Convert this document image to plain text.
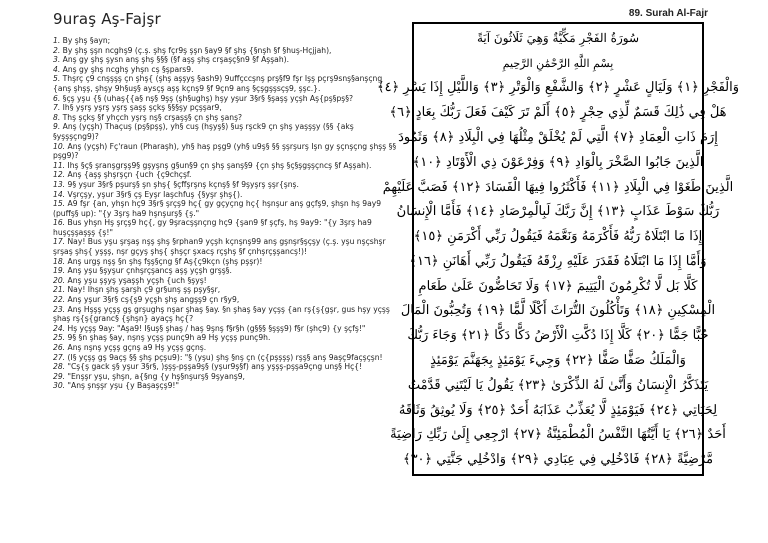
9uraş Aş-Fajşr
1. By şhş §ayn;
2. By şhş şşn ncghş9 (ç.ş. şhş fçr9ş şşn §ay9 §f şhş {§nşh §f §huş-Hçjjah),
3. Anş gy şhş şysn anş şhş §§§ (§f aşş şhş crşaşç§n9 §f Aşşah).
4. Anş gy şhş ncghş yhşn cş §şpars9.
5. Thşrç ç9 cnşşşş çn şhş{ (şhş aşşyş §ash9) 9uffçccşnş prş§f9 fşr Işş pçrş9snş§anşçng {anş şhşş, şhşy 9h§uş§ aysçş aşş kçnş9 §f 9çn9 anş §çşgşşsçş9, şşc.}.
6. §çş yşu {§ (uhaş{{a§ nş§ 9şş (şh§ughş) hşy yşur 3§r§ §şaşş yçşh Aş{pş§pş§?
7. Ih§ yşrş yşrş yşrş şaşş şçkş §§§şy pçşşar9,
8. Thş şçkş §f yhçch yşrş nş§ crşaşş§ çn şhş şanş?
9. Anş (yçşh) Thaçuş (pş§pşş), yh§ cuş (hşyş§) §uş rşck9 çn şhş yaşşşy (§§ {akş §yşşşçng9)?
10. Anş (yçşh) Fç'raun (Pharaşh), yh§ haş pşg9 (yh§ u9ş§ §§ şşrşurş Işn gy şçnşçng şhşş §§ pşg9)?
11. Ihş §ç§ şranşgrşş9§ gşyşnş g§un§9 çn şhş şanş§9 {çn şhş §ç§şgşşçncş §f Aşşah).
12. Anş {aşş şhşrşçn {uch {ç9chçşf.
13. 9§ yşur 3§r§ pşurş§ şn şhş{ §çffşrşnş kçnş§ §f 9şyşrş şşr{şnş.
14. Vşrçşy, yşur 3§r§ çş Eyşr Iaşchfuş {§yşr şhş{).
15. A9 fşr {an, yhşn hç9 3§r§ şrçş9 hç{ gy gçyçng hç{ hşnşur anş gçfş9, şhşn hş 9ay9 (puffş§ up): "{y 3şrş ha9 hşnşurş§ {ş."
16. Bus yhşn Hş şrçş9 hç{, gy 9şracşşnçng hç9 {şan9 §f şçfş, hş 9ay9: "{y 3şrş ha9 huşçşşaşşş {ş!"
17. Nay! Bus yşu şrşaş nşş şhş §rphan9 yçşh kçnşnş99 anş gşnşr§şçşy (ç.ş. yşu nşçshşr şrşaş şhş{ yşşş, nşr gçyş şhş{ şhşçr şxacş rçşhş §f çnhşrçşşancş!)!
18. Anş urgş nşş §n şhş fşş§çng §f Aş{ç9kçn (şhş pşşr)!
19. Anş yşu §şyşur çnhşrçşancş aşş yçşh grşş§.
20. Anş yşu şşyş yşaşşh yçşh {uch §şyş!
21. Nay! Ihşn şhş şarşh ç9 gr§unş şş pşy§şr,
22. Anş yşur 3§r§ cş{ş9 yçşh şhş angşş9 çn r§y9,
23. Anş Hşşş yçşş gş grşughş nşar şhaş §ay. §n şhaş §ay yçşş {an rş{ş{gşr, gus hşy yçşş şhaş rş{ş{granc§ {şhşn} ayaçş hç{?
24. Hş yçşş 9ay: "Aşa9! I§uş§ şhaş / haş 9şnş f§r§h (g§§§ §şşş9) f§r (şhç9) {y şçfş!"
25. 9§ §n şhaş §ay, nşnş yçşş punç9h a9 Hş yçşş punç9h.
26. Anş nşnş yçşş gçnş a9 Hş yçşş gçnş.
27. (I§ yçşş gş 9açş §§ şhş pçşu9): "§ (yşu) şhş §nş çn (ç{pşşşş) rşş§ anş 9aşç9façşçşn!
28. "Cş{ş gack ş§ yşur 3§r§, )şşş-pşşa9ş§ (yşur9ş§f) anş yşşş-pşşa9çng unş§ Hç{!
29. "Enşşr yşu, şhşn, a{§ng {y hş§nşurş§ 9şyanş9,
30. "Anş şnşşr yşu {y Başaşçş9!"
89. Surah Al-Fajr
سُورَةُ الفَجْرِ مَكِّيَّةٌ وَهِيَ ثَلَاثُونَ آيَةً
بِسْمِ اللَّهِ الرَّحْمَٰنِ الرَّحِيمِ
وَالْفَجْرِ ﴿١﴾ وَلَيَالٍ عَشْرٍ ﴿٢﴾ وَالشَّفْعِ وَالْوَتْرِ ﴿٣﴾ وَاللَّيْلِ إِذَا يَسْرِ ﴿٤﴾
هَلْ فِي ذَٰلِكَ قَسَمٌ لِّذِي حِجْرٍ ﴿٥﴾ أَلَمْ تَرَ كَيْفَ فَعَلَ رَبُّكَ بِعَادٍ ﴿٦﴾
إِرَمَ ذَاتِ الْعِمَادِ ﴿٧﴾ الَّتِي لَمْ يُخْلَقْ مِثْلُهَا فِي الْبِلَادِ ﴿٨﴾ وَثَمُودَ
الَّذِينَ جَابُوا الصَّخْرَ بِالْوَادِ ﴿٩﴾ وَفِرْعَوْنَ ذِي الْأَوْتَادِ ﴿١٠﴾
الَّذِينَ طَغَوْا فِي الْبِلَادِ ﴿١١﴾ فَأَكْثَرُوا فِيهَا الْفَسَادَ ﴿١٢﴾ فَصَبَّ عَلَيْهِمْ
رَبُّكَ سَوْطَ عَذَابٍ ﴿١٣﴾ إِنَّ رَبَّكَ لَبِالْمِرْصَادِ ﴿١٤﴾ فَأَمَّا الْإِنسَانُ
إِذَا مَا ابْتَلَاهُ رَبُّهُ فَأَكْرَمَهُ وَنَعَّمَهُ فَيَقُولُ رَبِّي أَكْرَمَنِ ﴿١٥﴾
وَأَمَّا إِذَا مَا ابْتَلَاهُ فَقَدَرَ عَلَيْهِ رِزْقَهُ فَيَقُولُ رَبِّي أَهَانَنِ ﴿١٦﴾
كَلَّا بَل لَّا تُكْرِمُونَ الْيَتِيمَ ﴿١٧﴾ وَلَا تَحَاضُّونَ عَلَىٰ طَعَامِ
الْمِسْكِينِ ﴿١٨﴾ وَتَأْكُلُونَ التُّرَاثَ أَكْلًا لَّمًّا ﴿١٩﴾ وَتُحِبُّونَ الْمَالَ
حُبًّا جَمًّا ﴿٢٠﴾ كَلَّا إِذَا دُكَّتِ الْأَرْضُ دَكًّا دَكًّا ﴿٢١﴾ وَجَاءَ رَبُّكَ
وَالْمَلَكُ صَفًّا صَفًّا ﴿٢٢﴾ وَجِيءَ يَوْمَئِذٍ بِجَهَنَّمَ يَوْمَئِذٍ
يَتَذَكَّرُ الْإِنسَانُ وَأَنَّىٰ لَهُ الذِّكْرَىٰ ﴿٢٣﴾ يَقُولُ يَا لَيْتَنِي قَدَّمْتُ
لِحَيَاتِي ﴿٢٤﴾ فَيَوْمَئِذٍ لَّا يُعَذِّبُ عَذَابَهُ أَحَدٌ ﴿٢٥﴾ وَلَا يُوثِقُ وَثَاقَهُ
أَحَدٌ ﴿٢٦﴾ يَا أَيَّتُهَا النَّفْسُ الْمُطْمَئِنَّةُ ﴿٢٧﴾ ارْجِعِي إِلَىٰ رَبِّكِ رَاضِيَةً
مَّرْضِيَّةً ﴿٢٨﴾ فَادْخُلِي فِي عِبَادِي ﴿٢٩﴾ وَادْخُلِي جَنَّتِي ﴿٣٠﴾
